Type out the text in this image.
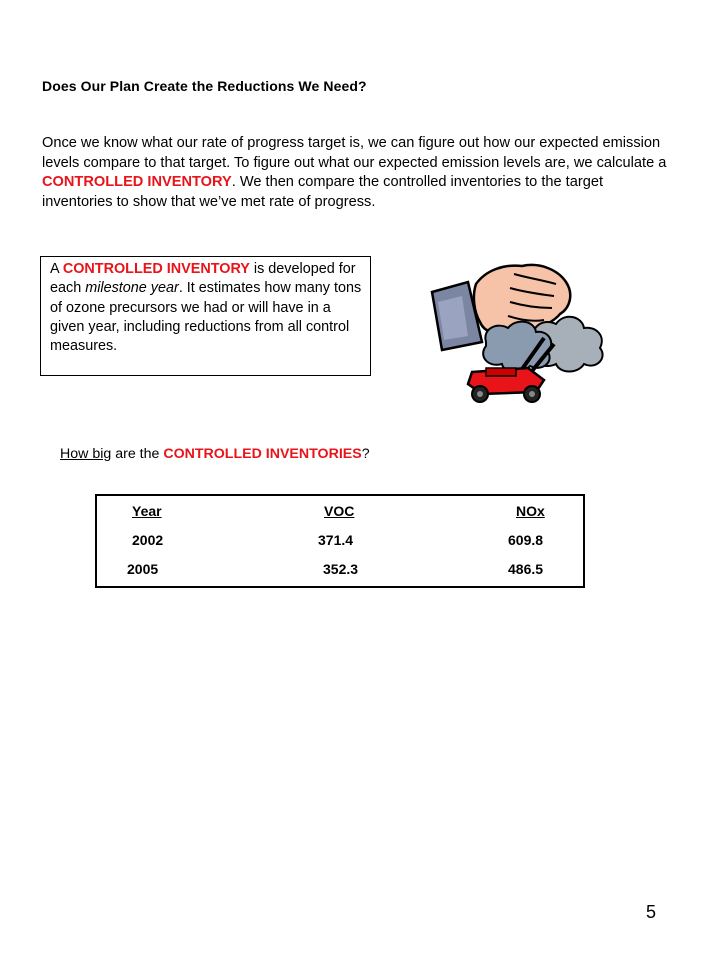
Does Our Plan Create the Reductions We Need?
Once we know what our rate of progress target is, we can figure out how our expected emission levels compare to that target. To figure out what our expected emission levels are, we calculate a CONTROLLED INVENTORY. We then compare the controlled inventories to the target inventories to show that we’ve met rate of progress.
A CONTROLLED INVENTORY is developed for each milestone year. It estimates how many tons of ozone precursors we had or will have in a given year, including reductions from all control measures.
How big are the CONTROLLED INVENTORIES?
Year	VOC	NOx
2002	371.4	609.8
2005	352.3	486.5
5
